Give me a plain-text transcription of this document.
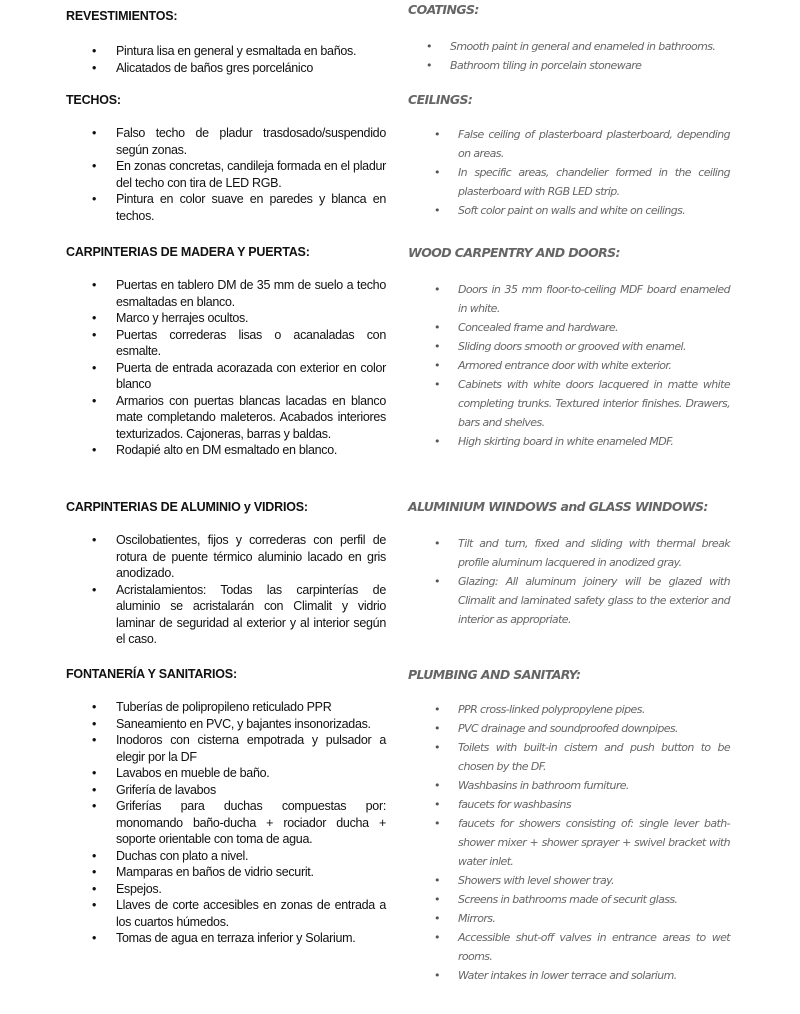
REVESTIMIENTOS:
• Pintura lisa en general y esmaltada en baños.
• Alicatados de baños gres porcelánico
TECHOS:
• Falso techo de pladur trasdosado/suspendido según zonas.
• En zonas concretas, candileja formada en el pladur del techo con tira de LED RGB.
• Pintura en color suave en paredes y blanca en techos.
CARPINTERIAS DE MADERA Y PUERTAS:
• Puertas en tablero DM de 35 mm de suelo a techo esmaltadas en blanco.
• Marco y herrajes ocultos.
• Puertas correderas lisas o acanaladas con esmalte.
• Puerta de entrada acorazada con exterior en color blanco
• Armarios con puertas blancas lacadas en blanco mate completando maleteros. Acabados interiores texturizados. Cajoneras, barras y baldas.
• Rodapié alto en DM esmaltado en blanco.
CARPINTERIAS DE ALUMINIO y VIDRIOS:
• Oscilobatientes, fijos y correderas con perfil de rotura de puente térmico aluminio lacado en gris anodizado.
• Acristalamientos: Todas las carpinterías de aluminio se acristalarán con Climalit y vidrio laminar de seguridad al exterior y al interior según el caso.
FONTANERÍA Y SANITARIOS:
• Tuberías de polipropileno reticulado PPR
• Saneamiento en PVC, y bajantes insonorizadas.
• Inodoros con cisterna empotrada y pulsador a elegir por la DF
• Lavabos en mueble de baño.
• Grifería de lavabos
• Griferías para duchas compuestas por: monomando baño-ducha + rociador ducha + soporte orientable con toma de agua.
• Duchas con plato a nivel.
• Mamparas en baños de vidrio securit.
• Espejos.
• Llaves de corte accesibles en zonas de entrada a los cuartos húmedos.
• Tomas de agua en terraza inferior y Solarium.
COATINGS:
• Smooth paint in general and enameled in bathrooms.
• Bathroom tiling in porcelain stoneware
CEILINGS:
• False ceiling of plasterboard plasterboard, depending on areas.
• In specific areas, chandelier formed in the ceiling plasterboard with RGB LED strip.
• Soft color paint on walls and white on ceilings.
WOOD CARPENTRY AND DOORS:
• Doors in 35 mm floor-to-ceiling MDF board enameled in white.
• Concealed frame and hardware.
• Sliding doors smooth or grooved with enamel.
• Armored entrance door with white exterior.
• Cabinets with white doors lacquered in matte white completing trunks. Textured interior finishes. Drawers, bars and shelves.
• High skirting board in white enameled MDF.
ALUMINIUM WINDOWS and GLASS WINDOWS:
• Tilt and turn, fixed and sliding with thermal break profile aluminum lacquered in anodized gray.
• Glazing: All aluminum joinery will be glazed with Climalit and laminated safety glass to the exterior and interior as appropriate.
PLUMBING AND SANITARY:
• PPR cross-linked polypropylene pipes.
• PVC drainage and soundproofed downpipes.
• Toilets with built-in cistern and push button to be chosen by the DF.
• Washbasins in bathroom furniture.
• faucets for washbasins
• faucets for showers consisting of: single lever bath-shower mixer + shower sprayer + swivel bracket with water inlet.
• Showers with level shower tray.
• Screens in bathrooms made of securit glass.
• Mirrors.
• Accessible shut-off valves in entrance areas to wet rooms.
• Water intakes in lower terrace and solarium.
